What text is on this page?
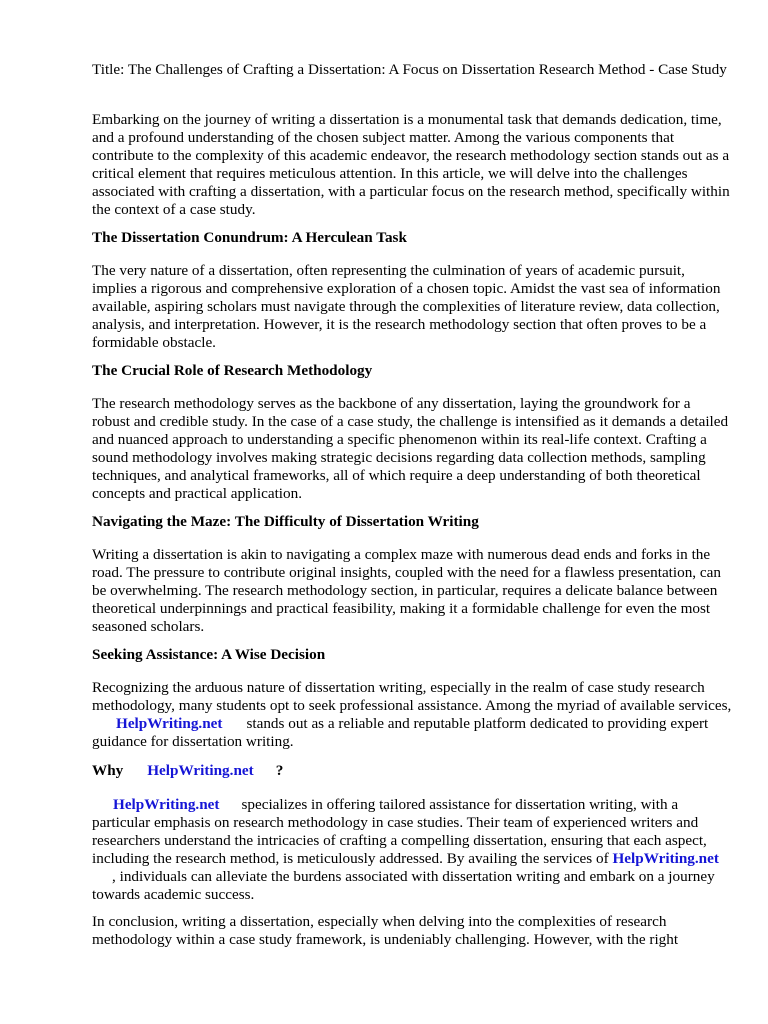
Title: The Challenges of Crafting a Dissertation: A Focus on Dissertation Research Method - Case Study

Embarking on the journey of writing a dissertation is a monumental task that demands dedication, time, and a profound understanding of the chosen subject matter. Among the various components that contribute to the complexity of this academic endeavor, the research methodology section stands out as a critical element that requires meticulous attention. In this article, we will delve into the challenges associated with crafting a dissertation, with a particular focus on the research method, specifically within the context of a case study.

The Dissertation Conundrum: A Herculean Task

The very nature of a dissertation, often representing the culmination of years of academic pursuit, implies a rigorous and comprehensive exploration of a chosen topic. Amidst the vast sea of information available, aspiring scholars must navigate through the complexities of literature review, data collection, analysis, and interpretation. However, it is the research methodology section that often proves to be a formidable obstacle.

The Crucial Role of Research Methodology

The research methodology serves as the backbone of any dissertation, laying the groundwork for a robust and credible study. In the case of a case study, the challenge is intensified as it demands a detailed and nuanced approach to understanding a specific phenomenon within its real-life context. Crafting a sound methodology involves making strategic decisions regarding data collection methods, sampling techniques, and analytical frameworks, all of which require a deep understanding of both theoretical concepts and practical application.

Navigating the Maze: The Difficulty of Dissertation Writing

Writing a dissertation is akin to navigating a complex maze with numerous dead ends and forks in the road. The pressure to contribute original insights, coupled with the need for a flawless presentation, can be overwhelming. The research methodology section, in particular, requires a delicate balance between theoretical underpinnings and practical feasibility, making it a formidable challenge for even the most seasoned scholars.

Seeking Assistance: A Wise Decision

Recognizing the arduous nature of dissertation writing, especially in the realm of case study research methodology, many students opt to seek professional assistance. Among the myriad of available services,HelpWriting.net stands out as a reliable and reputable platform dedicated to providing expert guidance for dissertation writing.

Why HelpWriting.net ?

HelpWriting.net specializes in offering tailored assistance for dissertation writing, with a particular emphasis on research methodology in case studies. Their team of experienced writers and researchers understand the intricacies of crafting a compelling dissertation, ensuring that each aspect, including the research method, is meticulously addressed. By availing the services of HelpWriting.net, individuals can alleviate the burdens associated with dissertation writing and embark on a journey towards academic success.

In conclusion, writing a dissertation, especially when delving into the complexities of research methodology within a case study framework, is undeniably challenging. However, with the right
